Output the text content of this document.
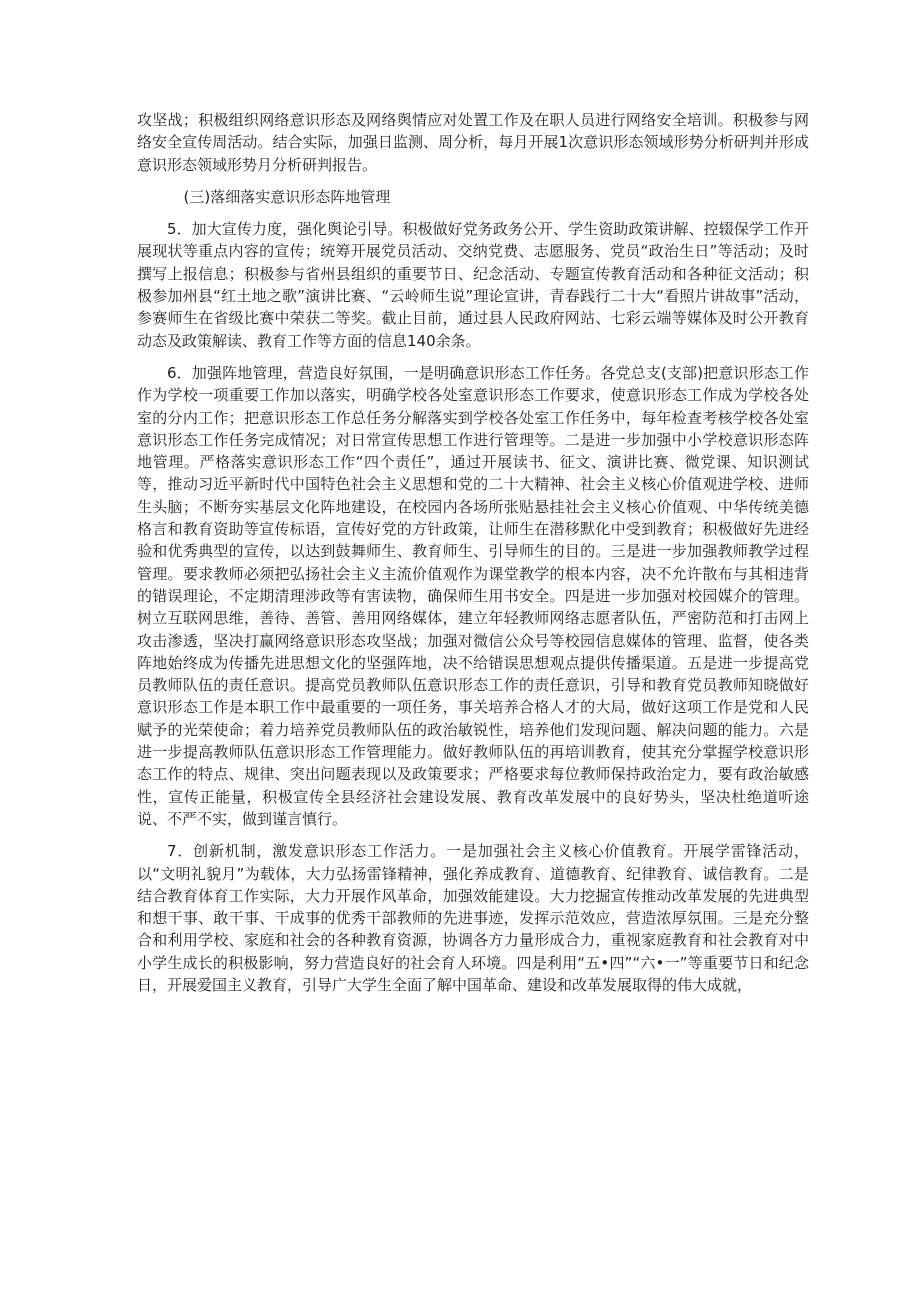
攻坚战；积极组织网络意识形态及网络舆情应对处置工作及在职人员进行网络安全培训。积极参与网络安全宣传周活动。结合实际，加强日监测、周分析，每月开展1次意识形态领域形势分析研判并形成意识形态领域形势月分析研判报告。

(三)落细落实意识形态阵地管理

5．加大宣传力度，强化舆论引导。积极做好党务政务公开、学生资助政策讲解、控辍保学工作开展现状等重点内容的宣传；统筹开展党员活动、交纳党费、志愿服务、党员“政治生日”等活动；及时撰写上报信息；积极参与省州县组织的重要节日、纪念活动、专题宣传教育活动和各种征文活动；积极参加州县“红土地之歌”演讲比赛、“云岭师生说”理论宣讲，青春践行二十大“看照片讲故事”活动，参赛师生在省级比赛中荣获二等奖。截止目前，通过县人民政府网站、七彩云端等媒体及时公开教育动态及政策解读、教育工作等方面的信息140余条。

6．加强阵地管理，营造良好氛围，一是明确意识形态工作任务。各党总支(支部)把意识形态工作作为学校一项重要工作加以落实，明确学校各处室意识形态工作要求，使意识形态工作成为学校各处室的分内工作；把意识形态工作总任务分解落实到学校各处室工作任务中，每年检查考核学校各处室意识形态工作任务完成情况；对日常宣传思想工作进行管理等。二是进一步加强中小学校意识形态阵地管理。严格落实意识形态工作“四个责任”，通过开展读书、征文、演讲比赛、微党课、知识测试等，推动习近平新时代中国特色社会主义思想和党的二十大精神、社会主义核心价值观进学校、进师生头脑；不断夯实基层文化阵地建设，在校园内各场所张贴悬挂社会主义核心价值观、中华传统美德格言和教育资助等宣传标语，宣传好党的方针政策，让师生在潜移默化中受到教育；积极做好先进经验和优秀典型的宣传，以达到鼓舞师生、教育师生、引导师生的目的。三是进一步加强教师教学过程管理。要求教师必须把弘扬社会主义主流价值观作为课堂教学的根本内容，决不允许散布与其相违背的错误理论，不定期清理涉政等有害读物，确保师生用书安全。四是进一步加强对校园媒介的管理。树立互联网思维，善待、善管、善用网络媒体，建立年轻教师网络志愿者队伍，严密防范和打击网上攻击渗透，坚决打赢网络意识形态攻坚战；加强对微信公众号等校园信息媒体的管理、监督，使各类阵地始终成为传播先进思想文化的坚强阵地，决不给错误思想观点提供传播渠道。五是进一步提高党员教师队伍的责任意识。提高党员教师队伍意识形态工作的责任意识，引导和教育党员教师知晓做好意识形态工作是本职工作中最重要的一项任务，事关培养合格人才的大局，做好这项工作是党和人民赋予的光荣使命；着力培养党员教师队伍的政治敏锐性，培养他们发现问题、解决问题的能力。六是进一步提高教师队伍意识形态工作管理能力。做好教师队伍的再培训教育，使其充分掌握学校意识形态工作的特点、规律、突出问题表现以及政策要求；严格要求每位教师保持政治定力，要有政治敏感性，宣传正能量，积极宣传全县经济社会建设发展、教育改革发展中的良好势头，坚决杜绝道听途说、不严不实，做到谨言慎行。

7．创新机制，激发意识形态工作活力。一是加强社会主义核心价值教育。开展学雷锋活动，以“文明礼貌月”为载体，大力弘扬雷锋精神，强化养成教育、道德教育、纪律教育、诚信教育。二是结合教育体育工作实际，大力开展作风革命，加强效能建设。大力挖掘宣传推动改革发展的先进典型和想干事、敢干事、干成事的优秀干部教师的先进事迹，发挥示范效应，营造浓厚氛围。三是充分整合和利用学校、家庭和社会的各种教育资源，协调各方力量形成合力，重视家庭教育和社会教育对中小学生成长的积极影响，努力营造良好的社会育人环境。四是利用“五•四”“六•一”等重要节日和纪念日，开展爱国主义教育，引导广大学生全面了解中国革命、建设和改革发展取得的伟大成就，
